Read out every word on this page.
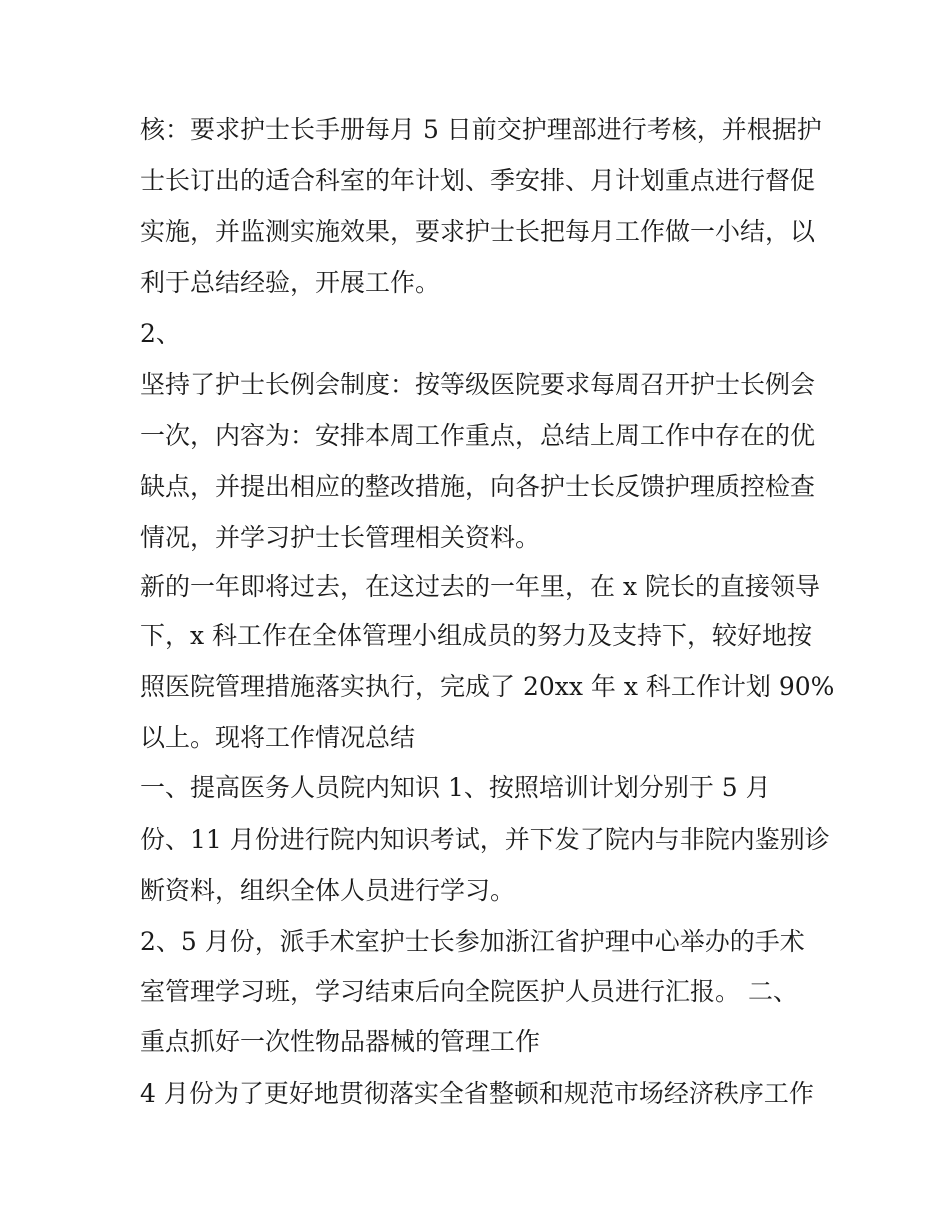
核：要求护士长手册每月 5 日前交护理部进行考核，并根据护
士长订出的适合科室的年计划、季安排、月计划重点进行督促
实施，并监测实施效果，要求护士长把每月工作做一小结，以
利于总结经验，开展工作。
2、
坚持了护士长例会制度：按等级医院要求每周召开护士长例会
一次，内容为：安排本周工作重点，总结上周工作中存在的优
缺点，并提出相应的整改措施，向各护士长反馈护理质控检查
情况，并学习护士长管理相关资料。
新的一年即将过去，在这过去的一年里，在 x 院长的直接领导
下，x 科工作在全体管理小组成员的努力及支持下，较好地按
照医院管理措施落实执行，完成了 20xx 年 x 科工作计划 90%
以上。现将工作情况总结
一、提高医务人员院内知识 1、按照培训计划分别于 5 月
份、11 月份进行院内知识考试，并下发了院内与非院内鉴别诊
断资料，组织全体人员进行学习。
2、5 月份，派手术室护士长参加浙江省护理中心举办的手术
室管理学习班，学习结束后向全院医护人员进行汇报。 二、
重点抓好一次性物品器械的管理工作
4 月份为了更好地贯彻落实全省整顿和规范市场经济秩序工作
